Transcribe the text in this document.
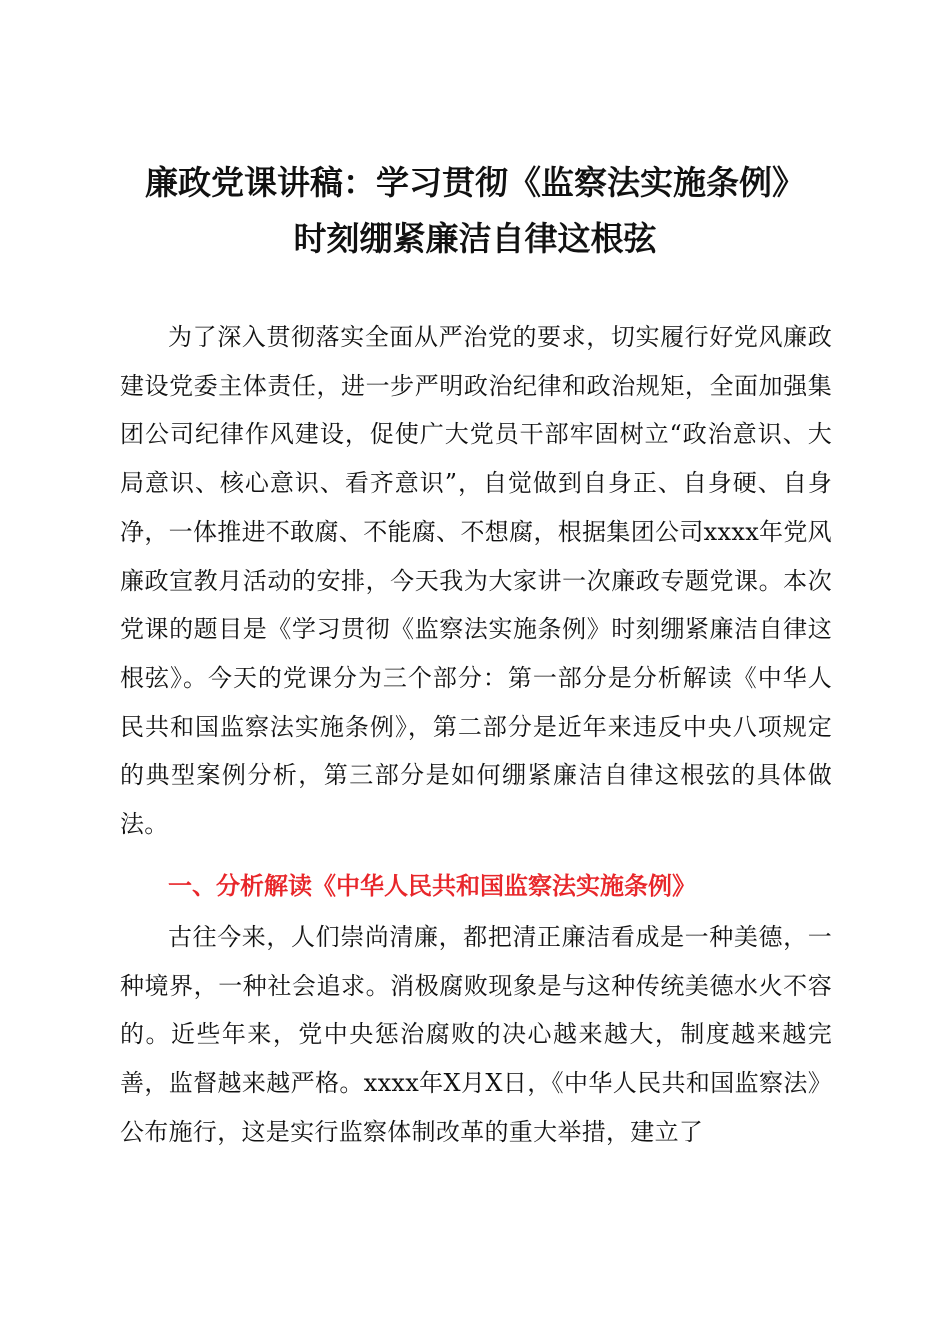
廉政党课讲稿：学习贯彻《监察法实施条例》
时刻绷紧廉洁自律这根弦

为了深入贯彻落实全面从严治党的要求，切实履行好党风廉政建设党委主体责任，进一步严明政治纪律和政治规矩，全面加强集团公司纪律作风建设，促使广大党员干部牢固树立“政治意识、大局意识、核心意识、看齐意识”，自觉做到自身正、自身硬、自身净，一体推进不敢腐、不能腐、不想腐，根据集团公司xxxx年党风廉政宣教月活动的安排，今天我为大家讲一次廉政专题党课。本次党课的题目是《学习贯彻《监察法实施条例》时刻绷紧廉洁自律这根弦》。今天的党课分为三个部分：第一部分是分析解读《中华人民共和国监察法实施条例》，第二部分是近年来违反中央八项规定的典型案例分析，第三部分是如何绷紧廉洁自律这根弦的具体做法。

一、分析解读《中华人民共和国监察法实施条例》

古往今来，人们崇尚清廉，都把清正廉洁看成是一种美德，一种境界，一种社会追求。消极腐败现象是与这种传统美德水火不容的。近些年来，党中央惩治腐败的决心越来越大，制度越来越完善，监督越来越严格。xxxx年X月X日，《中华人民共和国监察法》公布施行，这是实行监察体制改革的重大举措，建立了
